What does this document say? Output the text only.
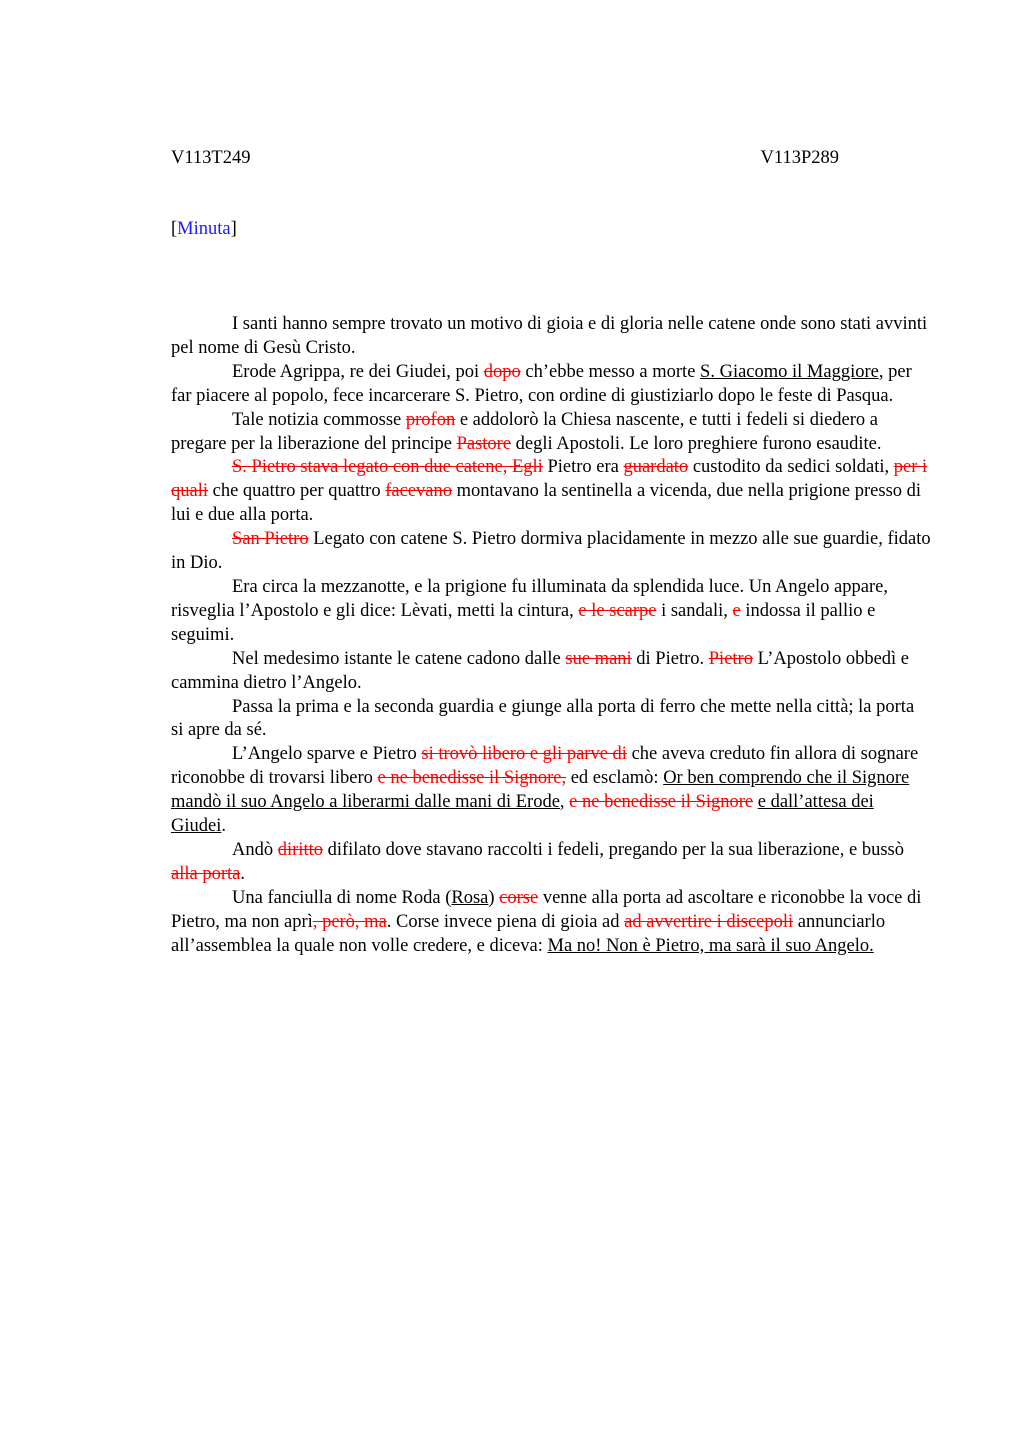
V113T249	V113P289
[Minuta]

I santi hanno sempre trovato un motivo di gioia e di gloria nelle catene onde sono stati avvinti pel nome di Gesù Cristo.

Erode Agrippa, re dei Giudei, poi dopo ch’ebbe messo a morte S. Giacomo il Maggiore, per far piacere al popolo, fece incarcerare S. Pietro, con ordine di giustiziarlo dopo le feste di Pasqua.

Tale notizia commosse profon e addolorò la Chiesa nascente, e tutti i fedeli si diedero a pregare per la liberazione del principe Pastore degli Apostoli. Le loro preghiere furono esaudite.

S. Pietro stava legato con due catene, Egli Pietro era guardato custodito da sedici soldati, per i quali che quattro per quattro facevano montavano la sentinella a vicenda, due nella prigione presso di lui e due alla porta.

San Pietro Legato con catene S. Pietro dormiva placidamente in mezzo alle sue guardie, fidato in Dio.

Era circa la mezzanotte, e la prigione fu illuminata da splendida luce. Un Angelo appare, risveglia l’Apostolo e gli dice: Lèvati, metti la cintura, e le scarpe i sandali, e indossa il pallio e seguimi.

Nel medesimo istante le catene cadono dalle sue mani di Pietro. Pietro L’Apostolo obbedì e cammina dietro l’Angelo.

Passa la prima e la seconda guardia e giunge alla porta di ferro che mette nella città; la porta si apre da sé.

L’Angelo sparve e Pietro si trovò libero e gli parve di che aveva creduto fin allora di sognare riconobbe di trovarsi libero e ne benedisse il Signore, ed esclamò: Or ben comprendo che il Signore mandò il suo Angelo a liberarmi dalle mani di Erode, e ne benedisse il Signore e dall’attesa dei Giudei.

Andò diritto difilato dove stavano raccolti i fedeli, pregando per la sua liberazione, e bussò alla porta.

Una fanciulla di nome Roda (Rosa) corse venne alla porta ad ascoltare e riconobbe la voce di Pietro, ma non aprì, però, ma. Corse invece piena di gioia ad ad avvertire i discepoli annunciarlo all’assemblea la quale non volle credere, e diceva: Ma no! Non è Pietro, ma sarà il suo Angelo.
